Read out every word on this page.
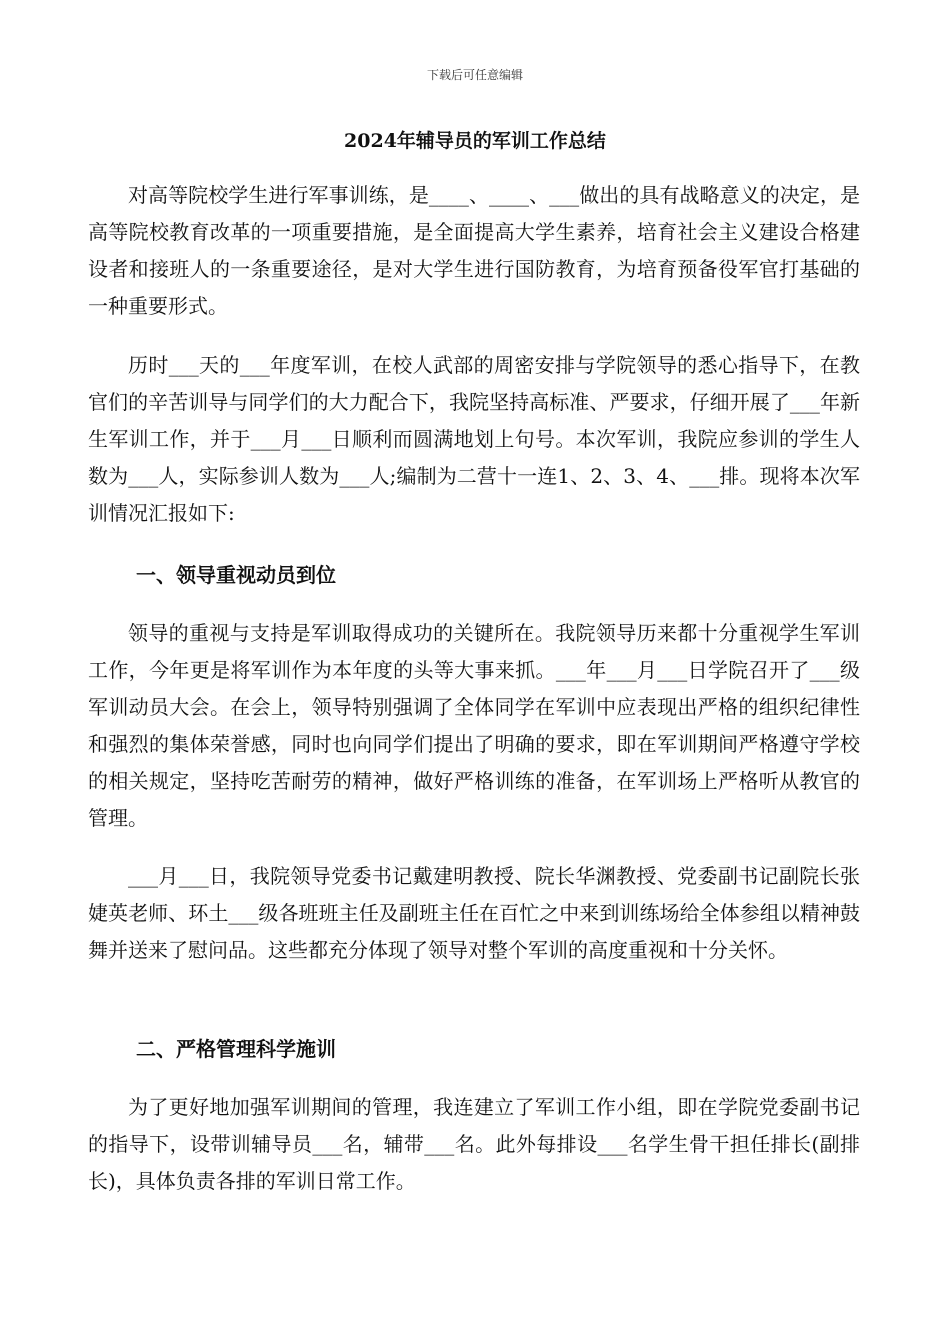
下载后可任意编辑
2024年辅导员的军训工作总结

对高等院校学生进行军事训练，是____、____、___做出的具有战略意义的决定，是高等院校教育改革的一项重要措施，是全面提高大学生素养，培育社会主义建设合格建设者和接班人的一条重要途径，是对大学生进行国防教育，为培育预备役军官打基础的一种重要形式。

历时___天的___年度军训，在校人武部的周密安排与学院领导的悉心指导下，在教官们的辛苦训导与同学们的大力配合下，我院坚持高标准、严要求，仔细开展了___年新生军训工作，并于___月___日顺利而圆满地划上句号。本次军训，我院应参训的学生人数为___人，实际参训人数为___人;编制为二营十一连1、2、3、4、___排。现将本次军训情况汇报如下:

一、领导重视动员到位

领导的重视与支持是军训取得成功的关键所在。我院领导历来都十分重视学生军训工作，今年更是将军训作为本年度的头等大事来抓。___年___月___日学院召开了___级军训动员大会。在会上，领导特别强调了全体同学在军训中应表现出严格的组织纪律性和强烈的集体荣誉感，同时也向同学们提出了明确的要求，即在军训期间严格遵守学校的相关规定，坚持吃苦耐劳的精神，做好严格训练的准备，在军训场上严格听从教官的管理。

___月___日，我院领导党委书记戴建明教授、院长华渊教授、党委副书记副院长张婕英老师、环土___级各班班主任及副班主任在百忙之中来到训练场给全体参组以精神鼓舞并送来了慰问品。这些都充分体现了领导对整个军训的高度重视和十分关怀。

二、严格管理科学施训

为了更好地加强军训期间的管理，我连建立了军训工作小组，即在学院党委副书记的指导下，设带训辅导员___名，辅带___名。此外每排设___名学生骨干担任排长(副排长)，具体负责各排的军训日常工作。
